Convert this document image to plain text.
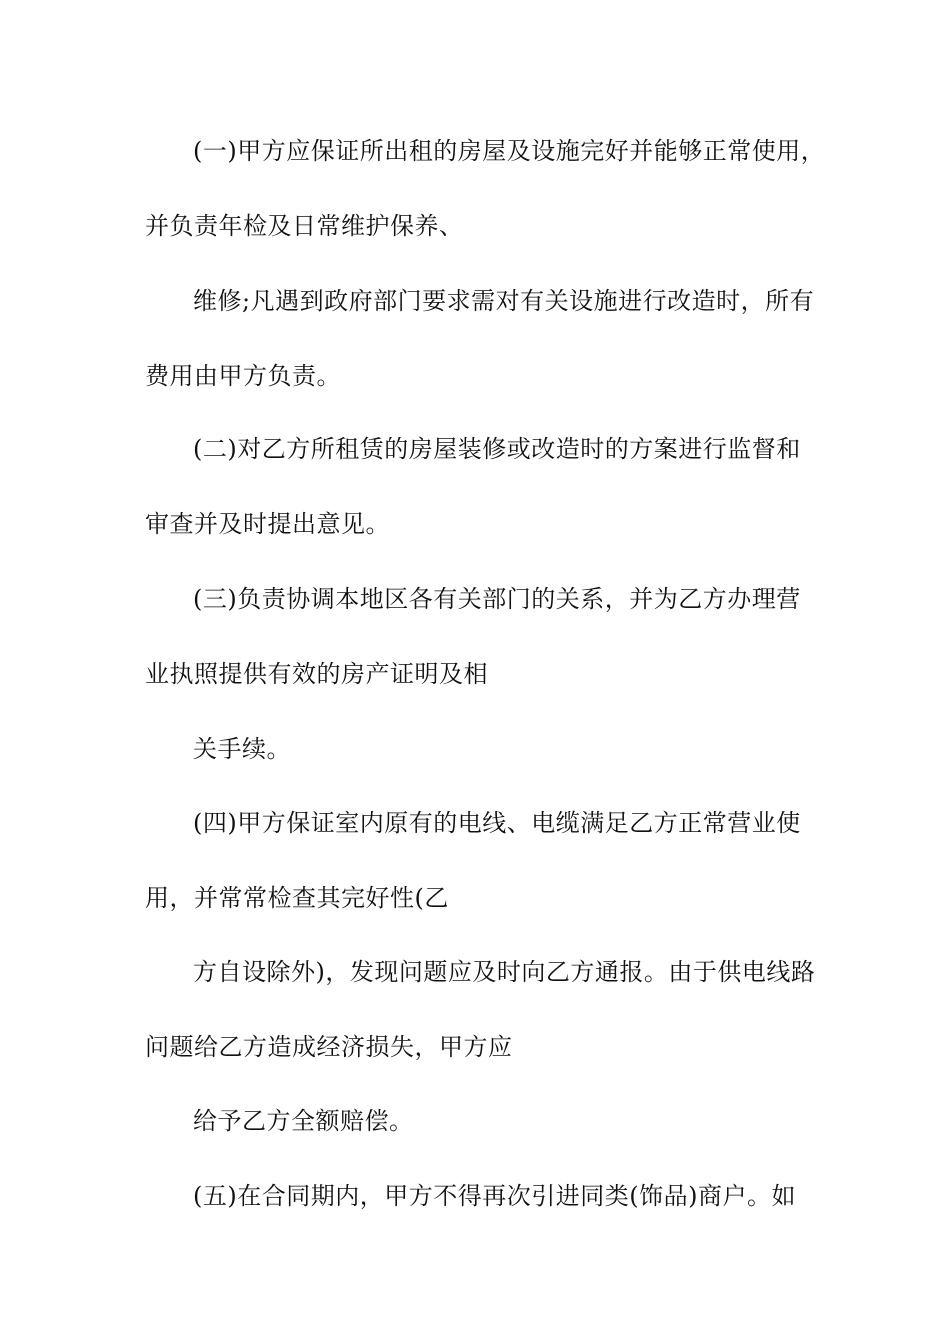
(一)甲方应保证所出租的房屋及设施完好并能够正常使用，
并负责年检及日常维护保养、
维修;凡遇到政府部门要求需对有关设施进行改造时，所有
费用由甲方负责。
(二)对乙方所租赁的房屋装修或改造时的方案进行监督和
审查并及时提出意见。
(三)负责协调本地区各有关部门的关系，并为乙方办理营
业执照提供有效的房产证明及相
关手续。
(四)甲方保证室内原有的电线、电缆满足乙方正常营业使
用，并常常检查其完好性(乙
方自设除外)，发现问题应及时向乙方通报。由于供电线路
问题给乙方造成经济损失，甲方应
给予乙方全额赔偿。
(五)在合同期内，甲方不得再次引进同类(饰品)商户。如
